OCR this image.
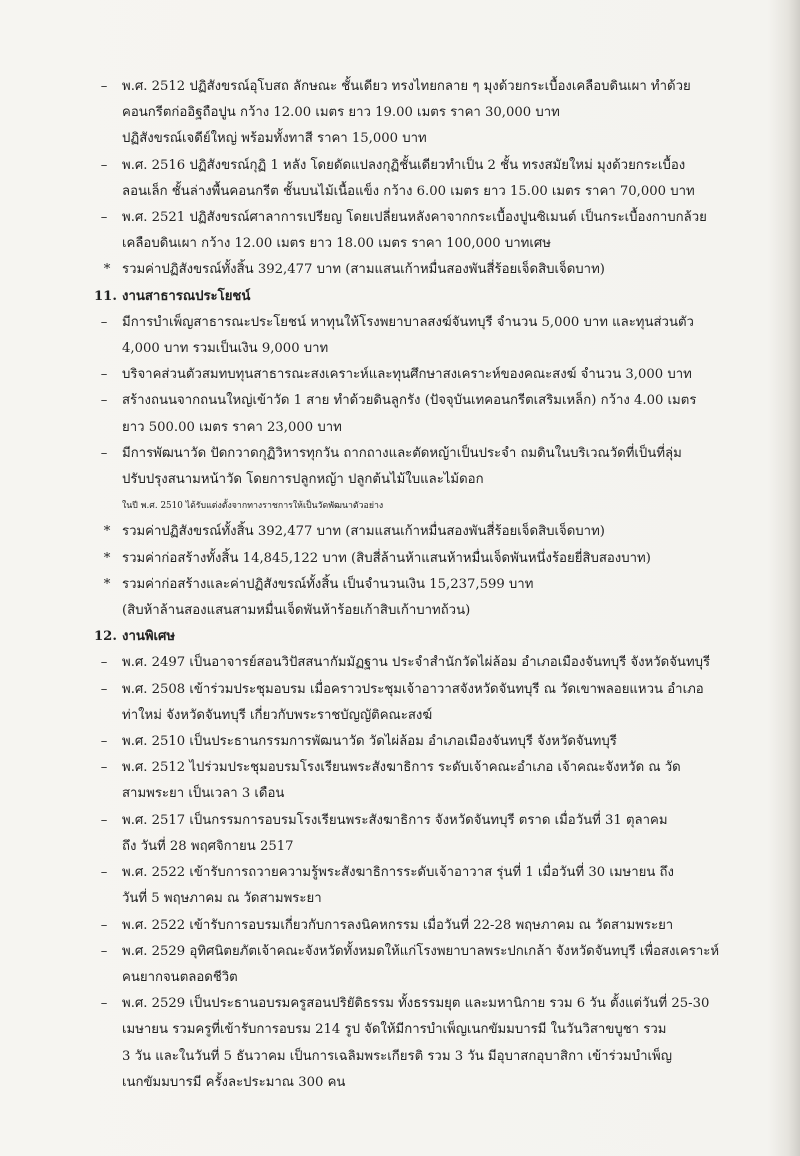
–	พ.ศ. 2512 ปฏิสังขรณ์อุโบสถ ลักษณะ ชั้นเดียว ทรงไทยกลาย ๆ มุงด้วยกระเบื้องเคลือบดินเผา ทำด้วย
คอนกรีตก่ออิฐถือปูน กว้าง 12.00 เมตร ยาว 19.00 เมตร ราคา 30,000 บาท
ปฏิสังขรณ์เจดีย์ใหญ่ พร้อมทั้งทาสี ราคา 15,000 บาท
–	พ.ศ. 2516 ปฏิสังขรณ์กุฏิ 1 หลัง โดยดัดแปลงกุฏิชั้นเดียวทำเป็น 2 ชั้น ทรงสมัยใหม่ มุงด้วยกระเบื้อง
ลอนเล็ก ชั้นล่างพื้นคอนกรีต ชั้นบนไม้เนื้อแข็ง กว้าง 6.00 เมตร ยาว 15.00 เมตร ราคา 70,000 บาท
–	พ.ศ. 2521 ปฏิสังขรณ์ศาลาการเปรียญ โดยเปลี่ยนหลังคาจากกระเบื้องปูนซิเมนต์ เป็นกระเบื้องกาบกล้วย
เคลือบดินเผา กว้าง 12.00 เมตร ยาว 18.00 เมตร ราคา 100,000 บาทเศษ
* รวมค่าปฏิสังขรณ์ทั้งสิ้น 392,477 บาท (สามแสนเก้าหมื่นสองพันสี่ร้อยเจ็ดสิบเจ็ดบาท)
11. งานสาธารณประโยชน์
–	มีการบำเพ็ญสาธารณะประโยชน์ หาทุนให้โรงพยาบาลสงฆ์จันทบุรี จำนวน 5,000 บาท และทุนส่วนตัว
4,000 บาท รวมเป็นเงิน 9,000 บาท
–	บริจาคส่วนตัวสมทบทุนสาธารณะสงเคราะห์และทุนศึกษาสงเคราะห์ของคณะสงฆ์ จำนวน 3,000 บาท
–	สร้างถนนจากถนนใหญ่เข้าวัด 1 สาย ทำด้วยดินลูกรัง (ปัจจุบันเทคอนกรีตเสริมเหล็ก) กว้าง 4.00 เมตร
ยาว 500.00 เมตร ราคา 23,000 บาท
–	มีการพัฒนาวัด ปัดกวาดกุฏิวิหารทุกวัน ถากถางและตัดหญ้าเป็นประจำ ถมดินในบริเวณวัดที่เป็นที่ลุ่ม
ปรับปรุงสนามหน้าวัด โดยการปลูกหญ้า ปลูกต้นไม้ใบและไม้ดอก
ในปี พ.ศ. 2510 ได้รับแต่งตั้งจากทางราชการให้เป็นวัดพัฒนาตัวอย่าง
* รวมค่าปฏิสังขรณ์ทั้งสิ้น 392,477 บาท (สามแสนเก้าหมื่นสองพันสี่ร้อยเจ็ดสิบเจ็ดบาท)
* รวมค่าก่อสร้างทั้งสิ้น 14,845,122 บาท (สิบสี่ล้านห้าแสนห้าหมื่นเจ็ดพันหนึ่งร้อยยี่สิบสองบาท)
* รวมค่าก่อสร้างและค่าปฏิสังขรณ์ทั้งสิ้น เป็นจำนวนเงิน 15,237,599 บาท
(สิบห้าล้านสองแสนสามหมื่นเจ็ดพันห้าร้อยเก้าสิบเก้าบาทถ้วน)
12. งานพิเศษ
–	พ.ศ. 2497 เป็นอาจารย์สอนวิปัสสนากัมมัฏฐาน ประจำสำนักวัดไผ่ล้อม อำเภอเมืองจันทบุรี จังหวัดจันทบุรี
–	พ.ศ. 2508 เข้าร่วมประชุมอบรม เมื่อคราวประชุมเจ้าอาวาสจังหวัดจันทบุรี ณ วัดเขาพลอยแหวน อำเภอ
ท่าใหม่ จังหวัดจันทบุรี เกี่ยวกับพระราชบัญญัติคณะสงฆ์
–	พ.ศ. 2510 เป็นประธานกรรมการพัฒนาวัด วัดไผ่ล้อม อำเภอเมืองจันทบุรี จังหวัดจันทบุรี
–	พ.ศ. 2512 ไปร่วมประชุมอบรมโรงเรียนพระสังฆาธิการ ระดับเจ้าคณะอำเภอ เจ้าคณะจังหวัด ณ วัด
สามพระยา เป็นเวลา 3 เดือน
–	พ.ศ. 2517 เป็นกรรมการอบรมโรงเรียนพระสังฆาธิการ จังหวัดจันทบุรี ตราด เมื่อวันที่ 31 ตุลาคม
ถึง วันที่ 28 พฤศจิกายน 2517
–	พ.ศ. 2522 เข้ารับการถวายความรู้พระสังฆาธิการระดับเจ้าอาวาส รุ่นที่ 1 เมื่อวันที่ 30 เมษายน ถึง
วันที่ 5 พฤษภาคม ณ วัดสามพระยา
–	พ.ศ. 2522 เข้ารับการอบรมเกี่ยวกับการลงนิคหกรรม เมื่อวันที่ 22-28 พฤษภาคม ณ วัดสามพระยา
–	พ.ศ. 2529 อุทิศนิตยภัตเจ้าคณะจังหวัดทั้งหมดให้แก่โรงพยาบาลพระปกเกล้า จังหวัดจันทบุรี เพื่อสงเคราะห์
คนยากจนตลอดชีวิต
–	พ.ศ. 2529 เป็นประธานอบรมครูสอนปริยัติธรรม ทั้งธรรมยุต และมหานิกาย รวม 6 วัน ตั้งแต่วันที่ 25-30
เมษายน รวมครูที่เข้ารับการอบรม 214 รูป จัดให้มีการบำเพ็ญเนกขัมมบารมี ในวันวิสาขบูชา รวม
3 วัน และในวันที่ 5 ธันวาคม เป็นการเฉลิมพระเกียรติ รวม 3 วัน มีอุบาสกอุบาสิกา เข้าร่วมบำเพ็ญ
เนกขัมมบารมี ครั้งละประมาณ 300 คน
